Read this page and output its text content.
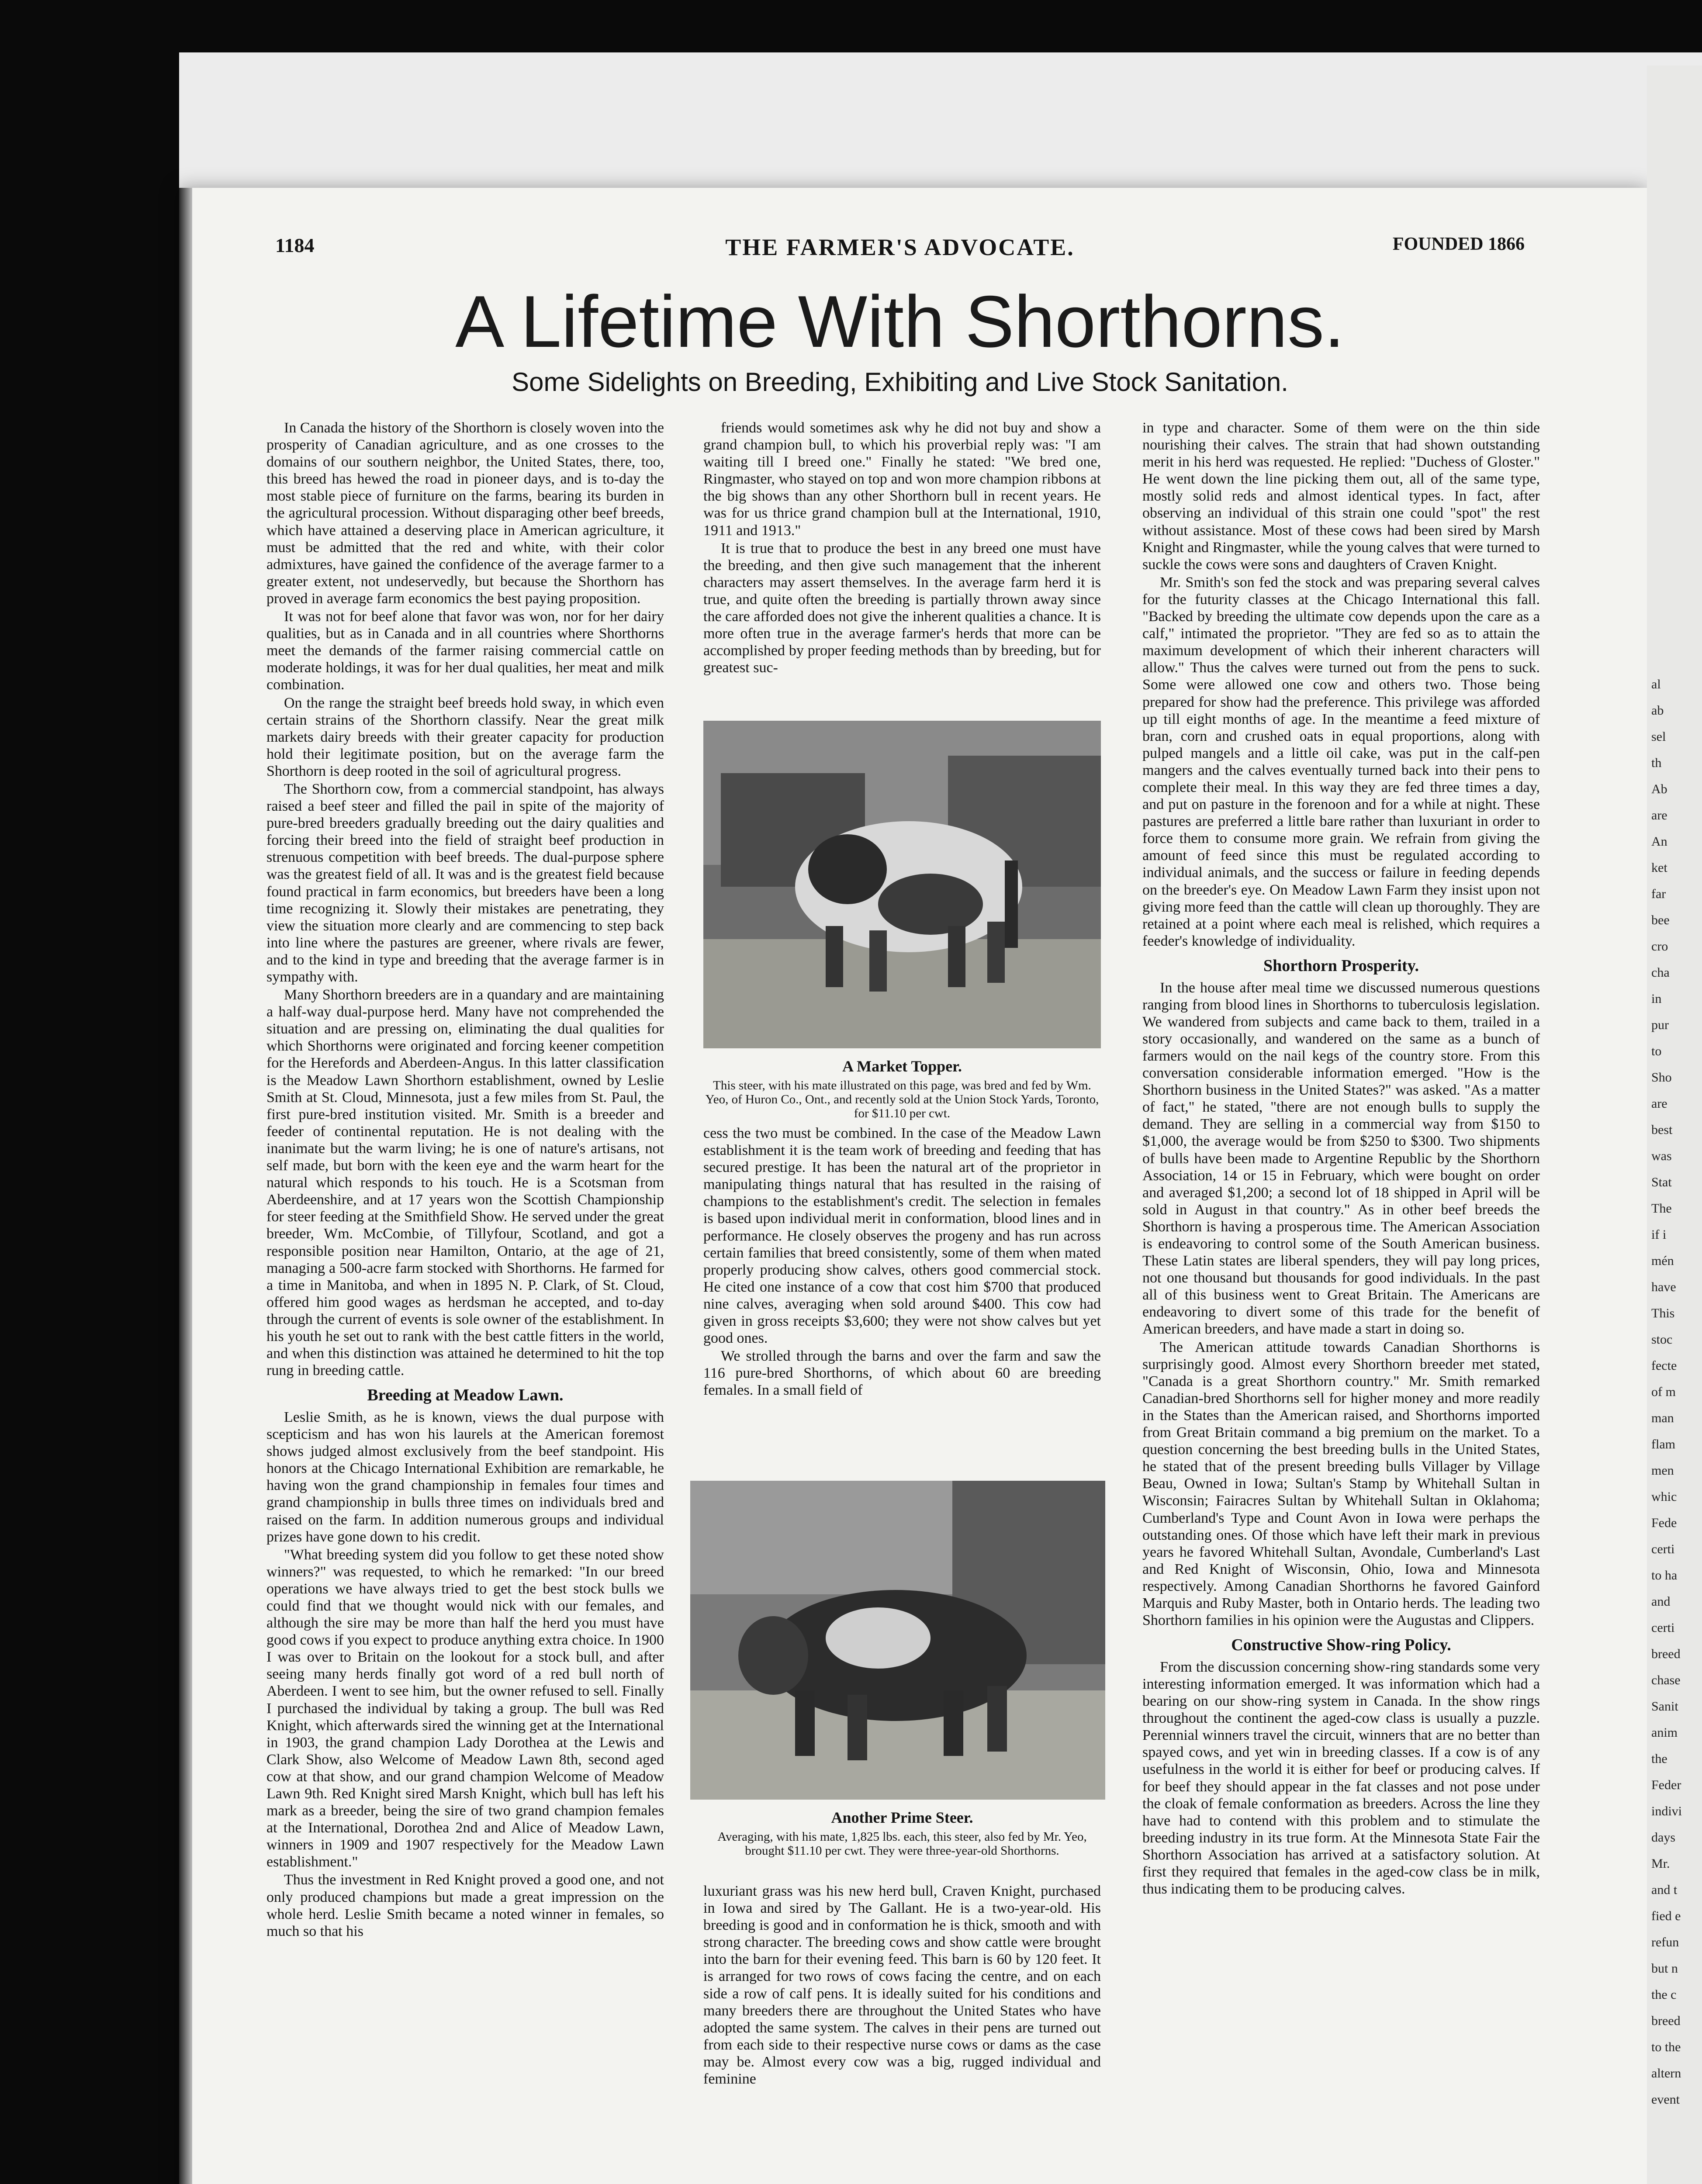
al
ab
sel
th
Ab
are
An
ket
far
bee
cro
cha
in
pur
to
Sho
are
best
was
Stat
The
if i
mén
have
This
stoc
fecte
of m
man
flam
men
whic
Fede
certi
to ha
and
certi
breed
chase
Sanit
anim
the
Feder
indivi
days
Mr.
and t
fied e
refun
but n
the c
breed
to the
altern
event
1184	THE FARMER'S ADVOCATE.	FOUNDED 1866
A Lifetime With Shorthorns.
Some Sidelights on Breeding, Exhibiting and Live Stock Sanitation.

In Canada the history of the Shorthorn is closely woven into the prosperity of Canadian agriculture, and as one crosses to the domains of our southern neighbor, the United States, there, too, this breed has hewed the road in pioneer days, and is to-day the most stable piece of furniture on the farms, bearing its burden in the agricultural procession. Without disparaging other beef breeds, which have attained a deserving place in American agriculture, it must be admitted that the red and white, with their color admixtures, have gained the confidence of the average farmer to a greater extent, not undeservedly, but because the Shorthorn has proved in average farm economics the best paying proposition.

It was not for beef alone that favor was won, nor for her dairy qualities, but as in Canada and in all countries where Shorthorns meet the demands of the farmer raising commercial cattle on moderate holdings, it was for her dual qualities, her meat and milk combination.

On the range the straight beef breeds hold sway, in which even certain strains of the Shorthorn classify. Near the great milk markets dairy breeds with their greater capacity for production hold their legitimate position, but on the average farm the Shorthorn is deep rooted in the soil of agricultural progress.

The Shorthorn cow, from a commercial standpoint, has always raised a beef steer and filled the pail in spite of the majority of pure-bred breeders gradually breeding out the dairy qualities and forcing their breed into the field of straight beef production in strenuous competition with beef breeds. The dual-purpose sphere was the greatest field of all. It was and is the greatest field because found practical in farm economics, but breeders have been a long time recognizing it. Slowly their mistakes are penetrating, they view the situation more clearly and are commencing to step back into line where the pastures are greener, where rivals are fewer, and to the kind in type and breeding that the average farmer is in sympathy with.

Many Shorthorn breeders are in a quandary and are maintaining a half-way dual-purpose herd. Many have not comprehended the situation and are pressing on, eliminating the dual qualities for which Shorthorns were originated and forcing keener competition for the Herefords and Aberdeen-Angus. In this latter classification is the Meadow Lawn Shorthorn establishment, owned by Leslie Smith at St. Cloud, Minnesota, just a few miles from St. Paul, the first pure-bred institution visited. Mr. Smith is a breeder and feeder of continental reputation. He is not dealing with the inanimate but the warm living; he is one of nature's artisans, not self made, but born with the keen eye and the warm heart for the natural which responds to his touch. He is a Scotsman from Aberdeenshire, and at 17 years won the Scottish Championship for steer feeding at the Smithfield Show. He served under the great breeder, Wm. McCombie, of Tillyfour, Scotland, and got a responsible position near Hamilton, Ontario, at the age of 21, managing a 500-acre farm stocked with Shorthorns. He farmed for a time in Manitoba, and when in 1895 N. P. Clark, of St. Cloud, offered him good wages as herdsman he accepted, and to-day through the current of events is sole owner of the establishment. In his youth he set out to rank with the best cattle fitters in the world, and when this distinction was attained he determined to hit the top rung in breeding cattle.

Breeding at Meadow Lawn.

Leslie Smith, as he is known, views the dual purpose with scepticism and has won his laurels at the American foremost shows judged almost exclusively from the beef standpoint. His honors at the Chicago International Exhibition are remarkable, he having won the grand championship in females four times and grand championship in bulls three times on individuals bred and raised on the farm. In addition numerous groups and individual prizes have gone down to his credit.

"What breeding system did you follow to get these noted show winners?" was requested, to which he remarked: "In our breed operations we have always tried to get the best stock bulls we could find that we thought would nick with our females, and although the sire may be more than half the herd you must have good cows if you expect to produce anything extra choice. In 1900 I was over to Britain on the lookout for a stock bull, and after seeing many herds finally got word of a red bull north of Aberdeen. I went to see him, but the owner refused to sell. Finally I purchased the individual by taking a group. The bull was Red Knight, which afterwards sired the winning get at the International in 1903, the grand champion Lady Dorothea at the Lewis and Clark Show, also Welcome of Meadow Lawn 8th, second aged cow at that show, and our grand champion Welcome of Meadow Lawn 9th. Red Knight sired Marsh Knight, which bull has left his mark as a breeder, being the sire of two grand champion females at the International, Dorothea 2nd and Alice of Meadow Lawn, winners in 1909 and 1907 respectively for the Meadow Lawn establishment."

Thus the investment in Red Knight proved a good one, and not only produced champions but made a great impression on the whole herd. Leslie Smith became a noted winner in females, so much so that his

friends would sometimes ask why he did not buy and show a grand champion bull, to which his proverbial reply was: "I am waiting till I breed one." Finally he stated: "We bred one, Ringmaster, who stayed on top and won more champion ribbons at the big shows than any other Shorthorn bull in recent years. He was for us thrice grand champion bull at the International, 1910, 1911 and 1913."

It is true that to produce the best in any breed one must have the breeding, and then give such management that the inherent characters may assert themselves. In the average farm herd it is true, and quite often the breeding is partially thrown away since the care afforded does not give the inherent qualities a chance. It is more often true in the average farmer's herds that more can be accomplished by proper feeding methods than by breeding, but for greatest suc-

A Market Topper.
This steer, with his mate illustrated on this page, was bred and fed by Wm. Yeo, of Huron Co., Ont., and recently sold at the Union Stock Yards, Toronto, for $11.10 per cwt.

cess the two must be combined. In the case of the Meadow Lawn establishment it is the team work of breeding and feeding that has secured prestige. It has been the natural art of the proprietor in manipulating things natural that has resulted in the raising of champions to the establishment's credit. The selection in females is based upon individual merit in conformation, blood lines and in performance. He closely observes the progeny and has run across certain families that breed consistently, some of them when mated properly producing show calves, others good commercial stock. He cited one instance of a cow that cost him $700 that produced nine calves, averaging when sold around $400. This cow had given in gross receipts $3,600; they were not show calves but yet good ones.

We strolled through the barns and over the farm and saw the 116 pure-bred Shorthorns, of which about 60 are breeding females. In a small field of

Another Prime Steer.
Averaging, with his mate, 1,825 lbs. each, this steer, also fed by Mr. Yeo, brought $11.10 per cwt. They were three-year-old Shorthorns.

luxuriant grass was his new herd bull, Craven Knight, purchased in Iowa and sired by The Gallant. He is a two-year-old. His breeding is good and in conformation he is thick, smooth and with strong character. The breeding cows and show cattle were brought into the barn for their evening feed. This barn is 60 by 120 feet. It is arranged for two rows of cows facing the centre, and on each side a row of calf pens. It is ideally suited for his conditions and many breeders there are throughout the United States who have adopted the same system. The calves in their pens are turned out from each side to their respective nurse cows or dams as the case may be. Almost every cow was a big, rugged individual and feminine

in type and character. Some of them were on the thin side nourishing their calves. The strain that had shown outstanding merit in his herd was requested. He replied: "Duchess of Gloster." He went down the line picking them out, all of the same type, mostly solid reds and almost identical types. In fact, after observing an individual of this strain one could "spot" the rest without assistance. Most of these cows had been sired by Marsh Knight and Ringmaster, while the young calves that were turned to suckle the cows were sons and daughters of Craven Knight.

Mr. Smith's son fed the stock and was preparing several calves for the futurity classes at the Chicago International this fall. "Backed by breeding the ultimate cow depends upon the care as a calf," intimated the proprietor. "They are fed so as to attain the maximum development of which their inherent characters will allow." Thus the calves were turned out from the pens to suck. Some were allowed one cow and others two. Those being prepared for show had the preference. This privilege was afforded up till eight months of age. In the meantime a feed mixture of bran, corn and crushed oats in equal proportions, along with pulped mangels and a little oil cake, was put in the calf-pen mangers and the calves eventually turned back into their pens to complete their meal. In this way they are fed three times a day, and put on pasture in the forenoon and for a while at night. These pastures are preferred a little bare rather than luxuriant in order to force them to consume more grain. We refrain from giving the amount of feed since this must be regulated according to individual animals, and the success or failure in feeding depends on the breeder's eye. On Meadow Lawn Farm they insist upon not giving more feed than the cattle will clean up thoroughly. They are retained at a point where each meal is relished, which requires a feeder's knowledge of individuality.

Shorthorn Prosperity.

In the house after meal time we discussed numerous questions ranging from blood lines in Shorthorns to tuberculosis legislation. We wandered from subjects and came back to them, trailed in a story occasionally, and wandered on the same as a bunch of farmers would on the nail kegs of the country store. From this conversation considerable information emerged. "How is the Shorthorn business in the United States?" was asked. "As a matter of fact," he stated, "there are not enough bulls to supply the demand. They are selling in a commercial way from $150 to $1,000, the average would be from $250 to $300. Two shipments of bulls have been made to Argentine Republic by the Shorthorn Association, 14 or 15 in February, which were bought on order and averaged $1,200; a second lot of 18 shipped in April will be sold in August in that country." As in other beef breeds the Shorthorn is having a prosperous time. The American Association is endeavoring to control some of the South American business. These Latin states are liberal spenders, they will pay long prices, not one thousand but thousands for good individuals. In the past all of this business went to Great Britain. The Americans are endeavoring to divert some of this trade for the benefit of American breeders, and have made a start in doing so.

The American attitude towards Canadian Shorthorns is surprisingly good. Almost every Shorthorn breeder met stated, "Canada is a great Shorthorn country." Mr. Smith remarked Canadian-bred Shorthorns sell for higher money and more readily in the States than the American raised, and Shorthorns imported from Great Britain command a big premium on the market. To a question concerning the best breeding bulls in the United States, he stated that of the present breeding bulls Villager by Village Beau, Owned in Iowa; Sultan's Stamp by Whitehall Sultan in Wisconsin; Fairacres Sultan by Whitehall Sultan in Oklahoma; Cumberland's Type and Count Avon in Iowa were perhaps the outstanding ones. Of those which have left their mark in previous years he favored Whitehall Sultan, Avondale, Cumberland's Last and Red Knight of Wisconsin, Ohio, Iowa and Minnesota respectively. Among Canadian Shorthorns he favored Gainford Marquis and Ruby Master, both in Ontario herds. The leading two Shorthorn families in his opinion were the Augustas and Clippers.

Constructive Show-ring Policy.

From the discussion concerning show-ring standards some very interesting information emerged. It was information which had a bearing on our show-ring system in Canada. In the show rings throughout the continent the aged-cow class is usually a puzzle. Perennial winners travel the circuit, winners that are no better than spayed cows, and yet win in breeding classes. If a cow is of any usefulness in the world it is either for beef or producing calves. If for beef they should appear in the fat classes and not pose under the cloak of female conformation as breeders. Across the line they have had to contend with this problem and to stimulate the breeding industry in its true form. At the Minnesota State Fair the Shorthorn Association has arrived at a satisfactory solution. At first they required that females in the aged-cow class be in milk, thus indicating them to be producing calves.
